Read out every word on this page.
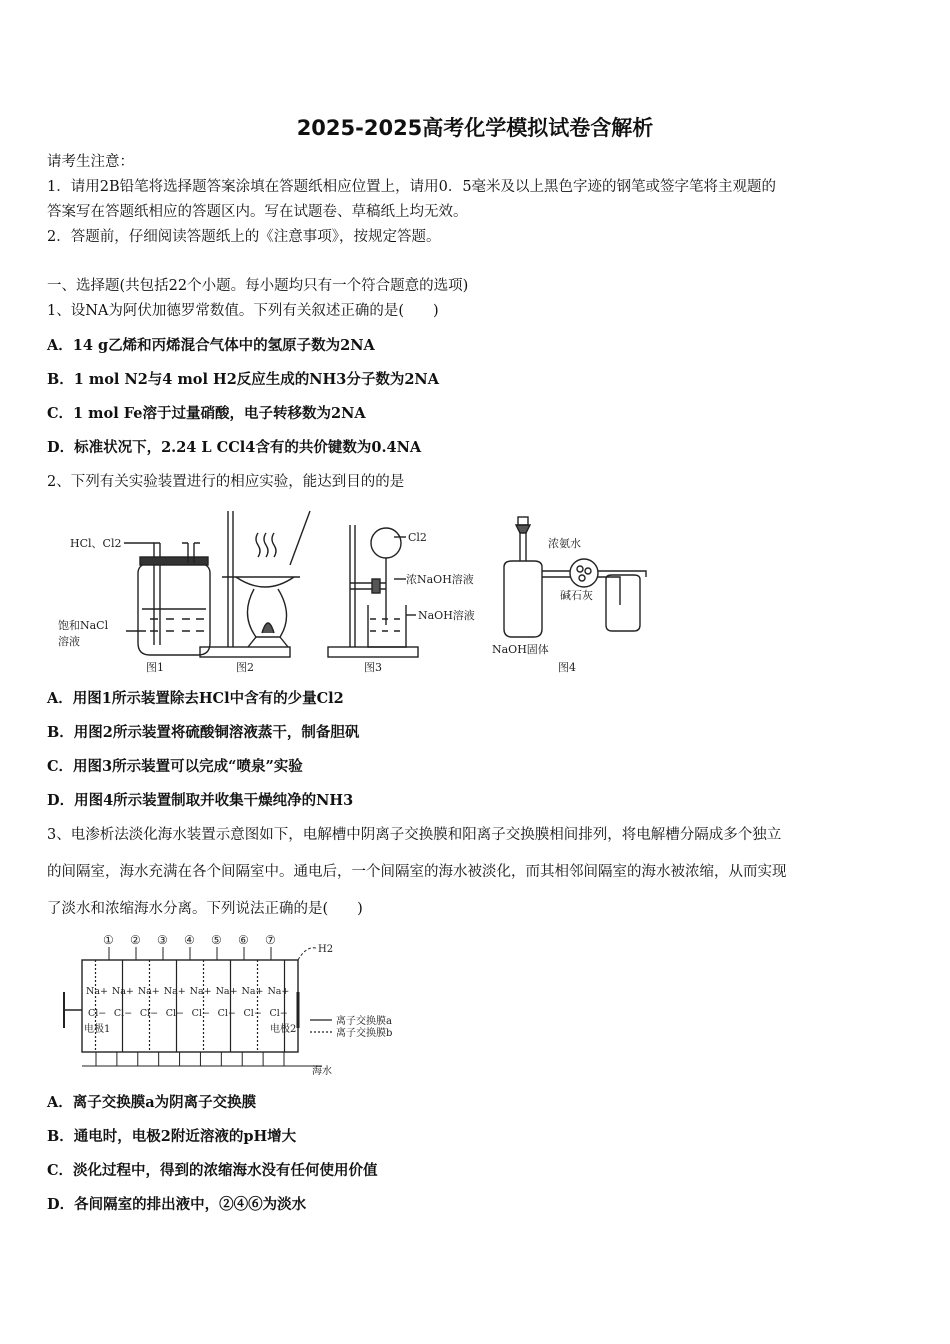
2025-2025高考化学模拟试卷含解析
请考生注意：
1．请用2B铅笔将选择题答案涂填在答题纸相应位置上，请用0．5毫米及以上黑色字迹的钢笔或签字笔将主观题的
答案写在答题纸相应的答题区内。写在试题卷、草稿纸上均无效。
2．答题前，仔细阅读答题纸上的《注意事项》，按规定答题。
一、选择题(共包括22个小题。每小题均只有一个符合题意的选项)
1、设NA为阿伏加德罗常数值。下列有关叙述正确的是(　　)
A．14 g乙烯和丙烯混合气体中的氢原子数为2NA
B．1 mol N2与4 mol H2反应生成的NH3分子数为2NA
C．1 mol Fe溶于过量硝酸，电子转移数为2NA
D．标准状况下，2.24 L CCl4含有的共价键数为0.4NA
2、下列有关实验装置进行的相应实验，能达到目的的是
HCl、Cl2
饱和NaCl
溶液
图1	图2	图3
Cl2
浓NaOH溶液
NaOH溶液
浓氨水
碱石灰
NaOH固体
图4
A．用图1所示装置除去HCl中含有的少量Cl2
B．用图2所示装置将硫酸铜溶液蒸干，制备胆矾
C．用图3所示装置可以完成“喷泉”实验
D．用图4所示装置制取并收集干燥纯净的NH3
3、电渗析法淡化海水装置示意图如下，电解槽中阴离子交换膜和阳离子交换膜相间排列，将电解槽分隔成多个独立
的间隔室，海水充满在各个间隔室中。通电后，一个间隔室的海水被淡化，而其相邻间隔室的海水被浓缩，从而实现
了淡水和浓缩海水分离。下列说法正确的是(　　)
① ② ③ ④ ⑤ ⑥ ⑦
Na+
Cl−
Na+
Cl−
Na+
Cl−
Na+
Cl−
Na+
Cl−
Na+
Cl−
Na+
Cl−
Na+
Cl−
H2
电极1	电极2
离子交换膜a
离子交换膜b
海水
A．离子交换膜a为阴离子交换膜
B．通电时，电极2附近溶液的pH增大
C．淡化过程中，得到的浓缩海水没有任何使用价值
D．各间隔室的排出液中，②④⑥为淡水
